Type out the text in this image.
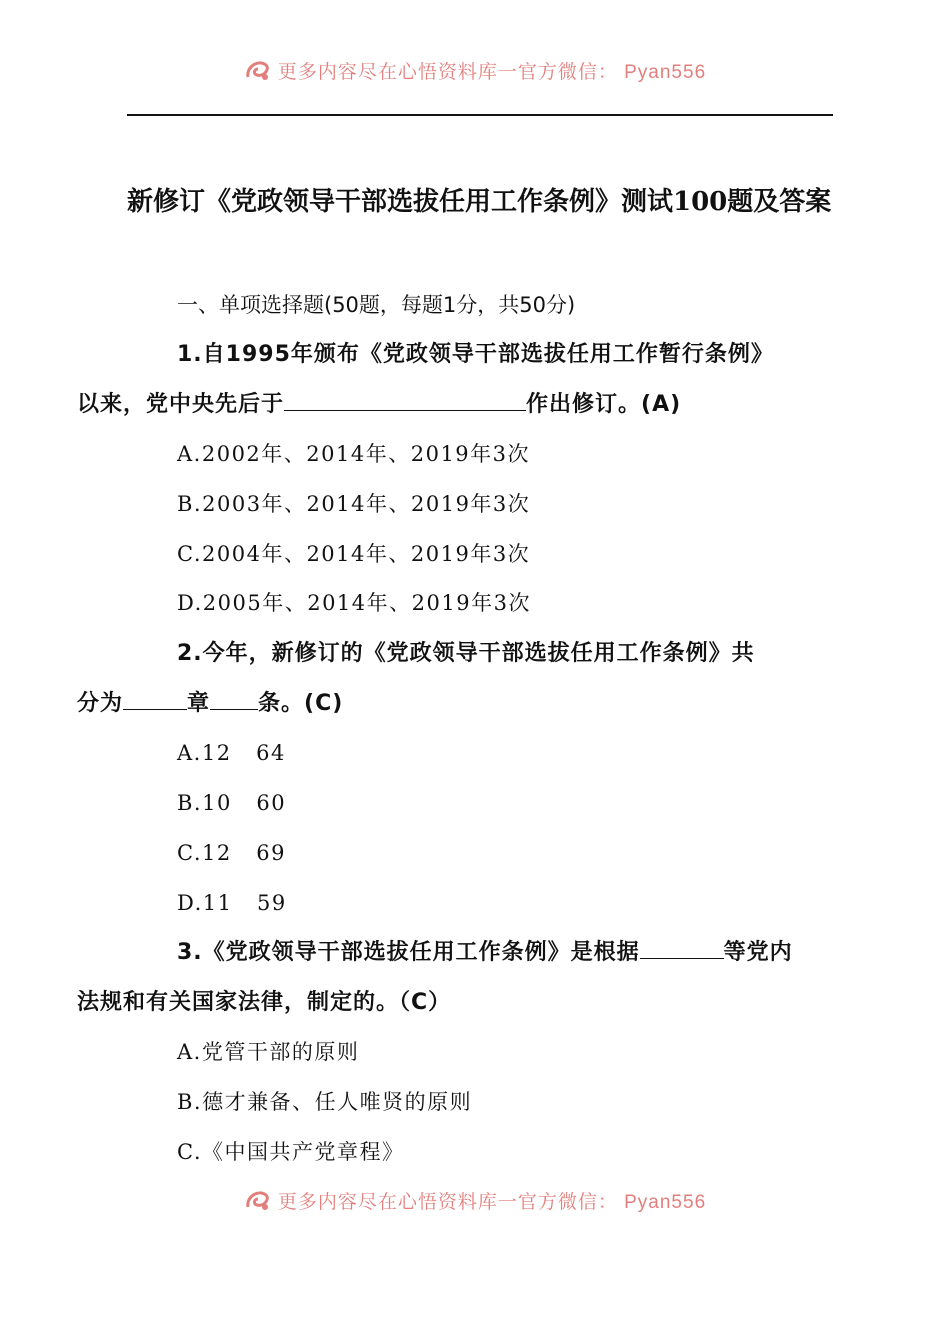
更多内容尽在心悟资料库一官方微信： Pyan556
新修订《党政领导干部选拔任用工作条例》测试100题及答案

一、单项选择题(50题，每题1分，共50分)

1.自1995年颁布《党政领导干部选拔任用工作暂行条例》
以来，党中央先后于	作出修订。(A)

A.2002年、2014年、2019年3次

B.2003年、2014年、2019年3次

C.2004年、2014年、2019年3次

D.2005年、2014年、2019年3次

2.今年，新修订的《党政领导干部选拔任用工作条例》共
分为	章 条。(C)

A.12   64

B.10   60

C.12   69

D.11   59

3.《党政领导干部选拔任用工作条例》是根据	等党内
法规和有关国家法律，制定的。（C）

A.党管干部的原则

B.德才兼备、任人唯贤的原则

C.《中国共产党章程》

更多内容尽在心悟资料库一官方微信： Pyan556
